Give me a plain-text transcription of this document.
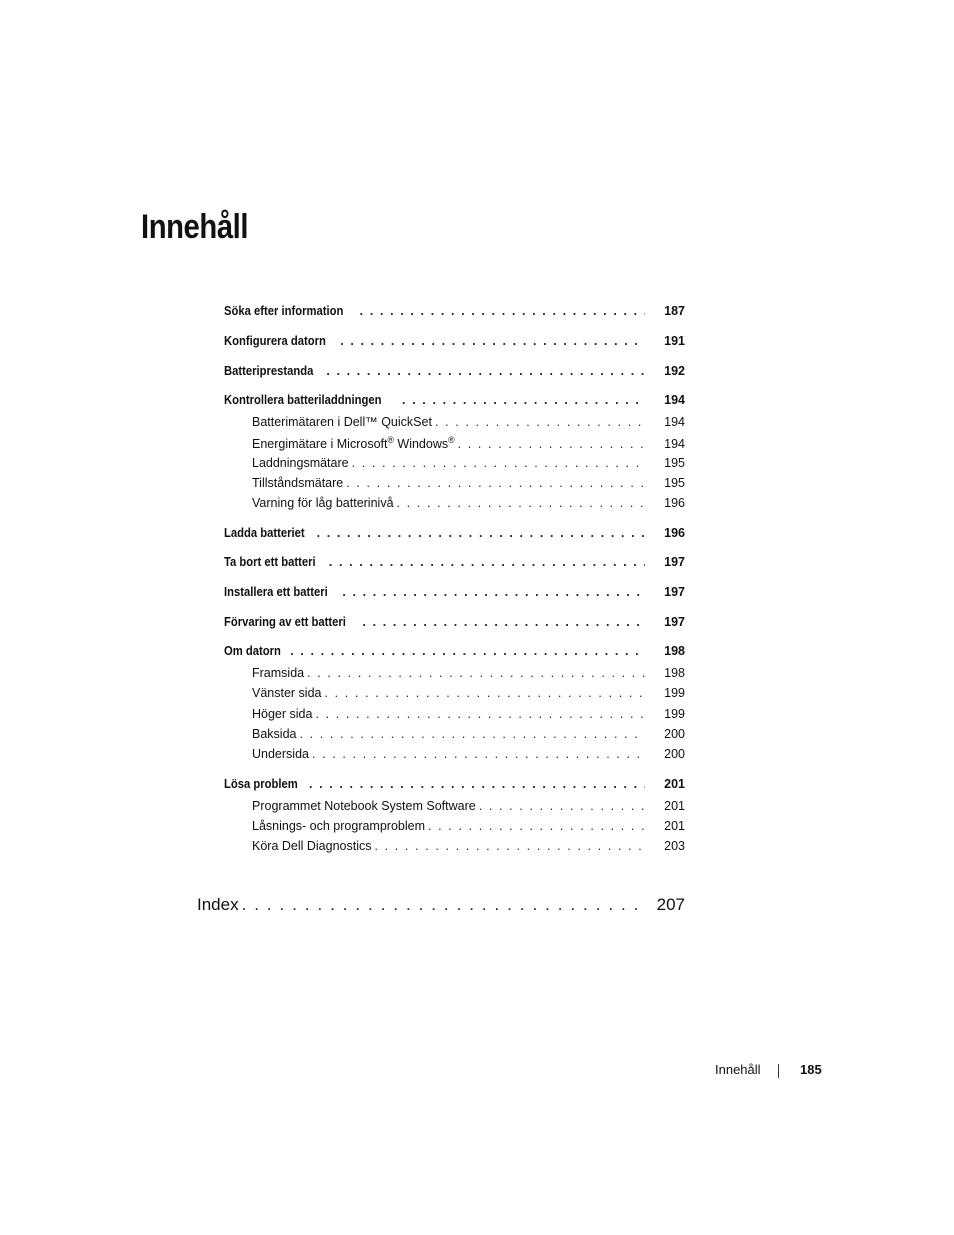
Innehåll
Söka efter information . . .	187
Konfigurera datorn . . .	191
Batteriprestanda . . .	192
Kontrollera batteriladdningen . . .	194
Batterimätaren i Dell™ QuickSet . . .	194
Energimätare i Microsoft® Windows® . . .	194
Laddningsmätare . . .	195
Tillståndsmätare . . .	195
Varning för låg batterinivå . . .	196
Ladda batteriet . . .	196
Ta bort ett batteri . . .	197
Installera ett batteri . . .	197
Förvaring av ett batteri . . .	197
Om datorn . . .	198
Framsida . . .	198
Vänster sida . . .	199
Höger sida . . .	199
Baksida . . .	200
Undersida . . .	200
Lösa problem . . .	201
Programmet Notebook System Software . . .	201
Låsnings- och programproblem . . .	201
Köra Dell Diagnostics . . .	203
Index . . .	207
Innehåll	185
